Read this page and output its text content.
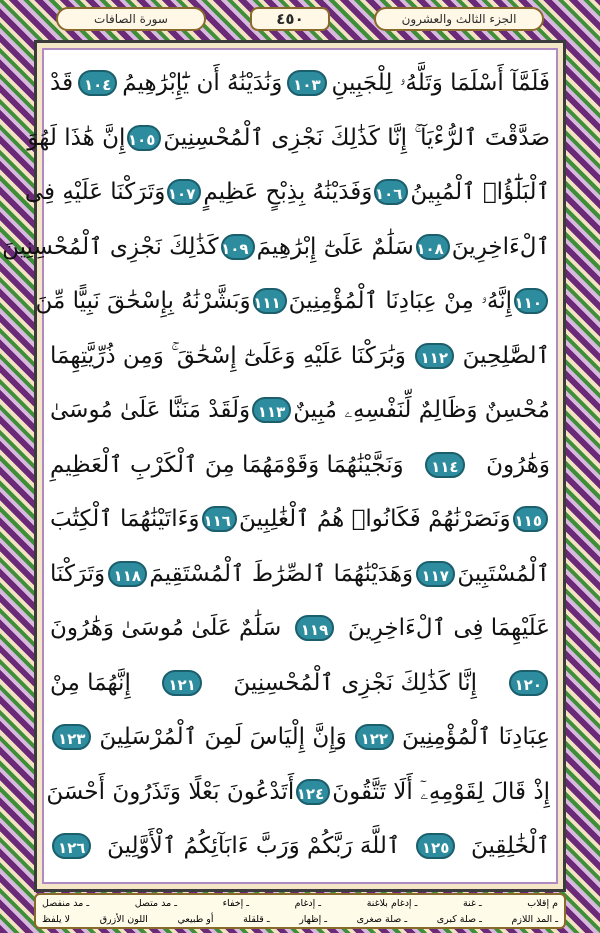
سورة الصافات	٤٥٠	الجزء الثالث والعشرون
فَلَمَّآ أَسْلَمَا وَتَلَّهُۥ لِلْجَبِينِ
١٠٣
وَنَٰدَيْنَٰهُ أَن يَٰٓإِبْرَٰهِيمُ
١٠٤
قَدْ
صَدَّقْتَ ٱلرُّءْيَآ ۚ إِنَّا كَذَٰلِكَ نَجْزِى ٱلْمُحْسِنِينَ
١٠٥
إِنَّ هَٰذَا لَهُوَ
ٱلْبَلَٰٓؤُا۟ ٱلْمُبِينُ
١٠٦
وَفَدَيْنَٰهُ بِذِبْحٍ عَظِيمٍ
١٠٧
وَتَرَكْنَا عَلَيْهِ فِى
ٱلْءَاخِرِينَ
١٠٨
سَلَٰمٌ عَلَىٰٓ إِبْرَٰهِيمَ
١٠٩
كَذَٰلِكَ نَجْزِى ٱلْمُحْسِنِينَ
١١٠
إِنَّهُۥ مِنْ عِبَادِنَا ٱلْمُؤْمِنِينَ
١١١
وَبَشَّرْنَٰهُ بِإِسْحَٰقَ نَبِيًّا مِّنَ
ٱلصَّٰلِحِينَ
١١٢
وَبَٰرَكْنَا عَلَيْهِ وَعَلَىٰٓ إِسْحَٰقَ ۚ وَمِن ذُرِّيَّتِهِمَا
مُحْسِنٌ وَظَالِمٌ لِّنَفْسِهِۦ مُبِينٌ
١١٣
وَلَقَدْ مَنَنَّا عَلَىٰ مُوسَىٰ
وَهَٰرُونَ
١١٤
وَنَجَّيْنَٰهُمَا وَقَوْمَهُمَا مِنَ ٱلْكَرْبِ ٱلْعَظِيمِ
١١٥
وَنَصَرْنَٰهُمْ فَكَانُوا۟ هُمُ ٱلْغَٰلِبِينَ
١١٦
وَءَاتَيْنَٰهُمَا ٱلْكِتَٰبَ
ٱلْمُسْتَبِينَ
١١٧
وَهَدَيْنَٰهُمَا ٱلصِّرَٰطَ ٱلْمُسْتَقِيمَ
١١٨
وَتَرَكْنَا
عَلَيْهِمَا فِى ٱلْءَاخِرِينَ
١١٩
سَلَٰمٌ عَلَىٰ مُوسَىٰ وَهَٰرُونَ
١٢٠
إِنَّا كَذَٰلِكَ نَجْزِى ٱلْمُحْسِنِينَ
١٢١
إِنَّهُمَا مِنْ
عِبَادِنَا ٱلْمُؤْمِنِينَ
١٢٢
وَإِنَّ إِلْيَاسَ لَمِنَ ٱلْمُرْسَلِينَ
١٢٣
إِذْ قَالَ لِقَوْمِهِۦٓ أَلَا تَتَّقُونَ
١٢٤
أَتَدْعُونَ بَعْلًا وَتَذَرُونَ أَحْسَنَ
ٱلْخَٰلِقِينَ
١٢٥
ٱللَّهَ رَبَّكُمْ وَرَبَّ ءَابَآئِكُمُ ٱلْأَوَّلِينَ
١٢٦
م إقلاب
ـ غنة
ـ إدغام بلاغنة
ـ إدغام
ـ إخفاء
ـ مد متصل
ـ مد منفصل
ـ المد اللازم
ـ صلة كبرى
ـ صلة صغرى
ـ إظهار
ـ قلقلة
أو طبيعي
اللون الأزرق
لا يلفظ
